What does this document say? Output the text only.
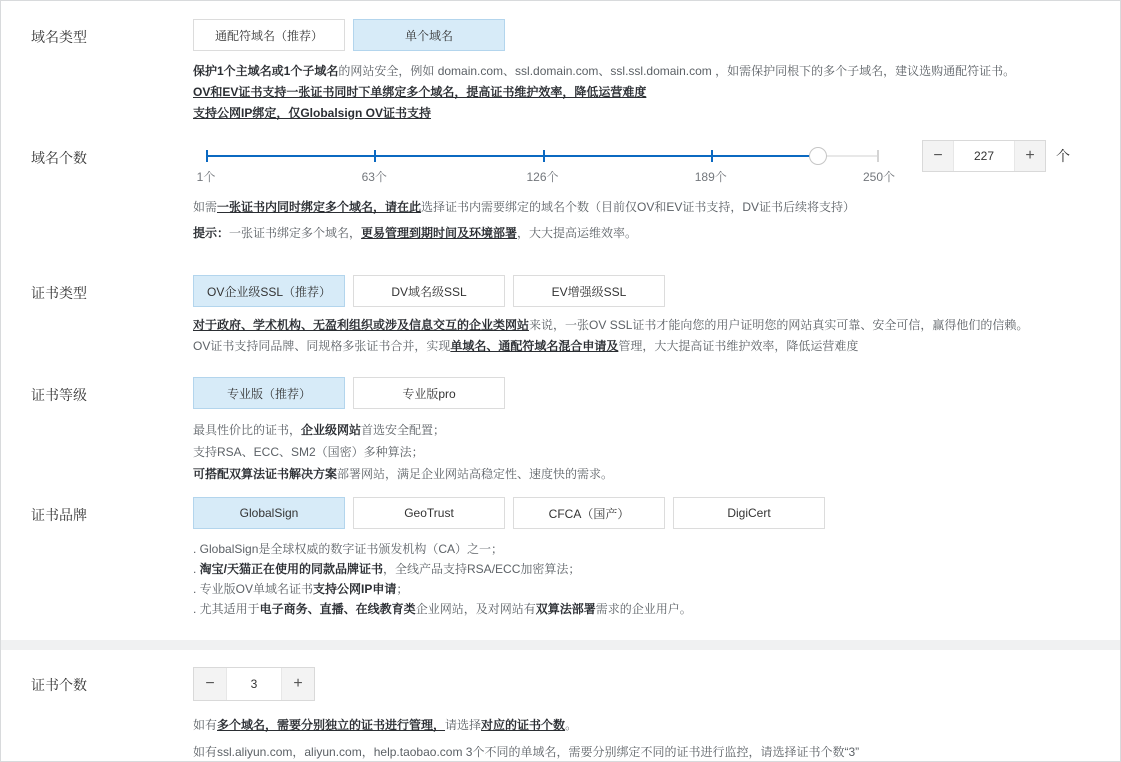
域名类型	通配符域名（推荐）	单个域名

保护1个主域名或1个子域名的网站安全，例如 domain.com、ssl.domain.com、ssl.ssl.domain.com ，如需保护同根下的多个子域名，建议选购通配符证书。

OV和EV证书支持一张证书同时下单绑定多个域名，提高证书维护效率，降低运营难度

支持公网IP绑定，仅Globalsign OV证书支持

域名个数
1个	63个	126个	189个	250个
−	227	+	个

如需一张证书内同时绑定多个域名，请在此选择证书内需要绑定的域名个数（目前仅OV和EV证书支持，DV证书后续将支持）

提示：一张证书绑定多个域名，更易管理到期时间及环境部署，大大提高运维效率。

证书类型	OV企业级SSL（推荐）	DV域名级SSL	EV增强级SSL

对于政府、学术机构、无盈利组织或涉及信息交互的企业类网站来说，一张OV SSL证书才能向您的用户证明您的网站真实可靠、安全可信，赢得他们的信赖。

OV证书支持同品牌、同规格多张证书合并，实现单域名、通配符域名混合申请及管理，大大提高证书维护效率，降低运营难度

证书等级	专业版（推荐）	专业版pro

最具性价比的证书，企业级网站首选安全配置；

支持RSA、ECC、SM2（国密）多种算法；

可搭配双算法证书解决方案部署网站，满足企业网站高稳定性、速度快的需求。

证书品牌	GlobalSign	GeoTrust	CFCA（国产）	DigiCert

. GlobalSign是全球权威的数字证书颁发机构（CA）之一；

. 淘宝/天猫正在使用的同款品牌证书，全线产品支持RSA/ECC加密算法；

. 专业版OV单域名证书支持公网IP申请；

. 尤其适用于电子商务、直播、在线教育类企业网站，及对网站有双算法部署需求的企业用户。

证书个数	−	3	+

如有多个域名，需要分别独立的证书进行管理，请选择对应的证书个数。

如有ssl.aliyun.com，aliyun.com，help.taobao.com 3个不同的单域名，需要分别绑定不同的证书进行监控，请选择证书个数“3”
